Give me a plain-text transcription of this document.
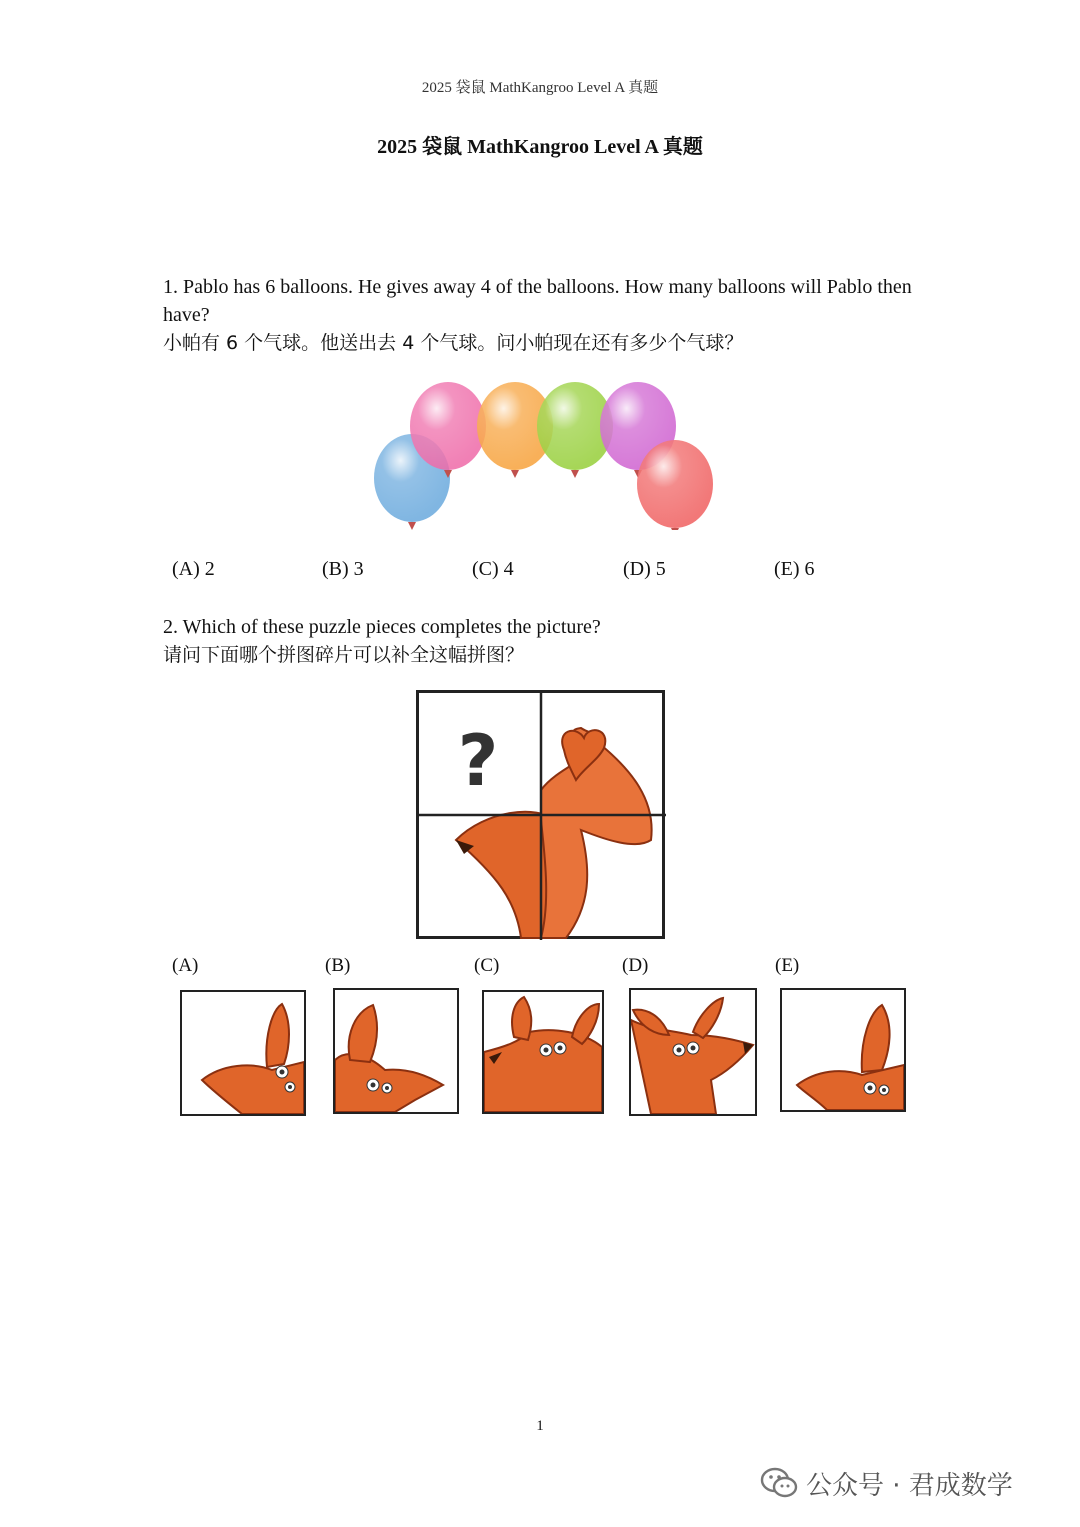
2025 袋鼠 MathKangroo Level A 真题
2025 袋鼠 MathKangroo Level A 真题
1. Pablo has 6 balloons. He gives away 4 of the balloons. How many balloons will Pablo then have?
小帕有 6 个气球。他送出去 4 个气球。问小帕现在还有多少个气球？
(A) 2	(B) 3	(C) 4	(D) 5	(E) 6
2. Which of these puzzle pieces completes the picture?
请问下面哪个拼图碎片可以补全这幅拼图？
?
(A)	(B)	(C)	(D)	(E)
1
公众号 · 君成数学
